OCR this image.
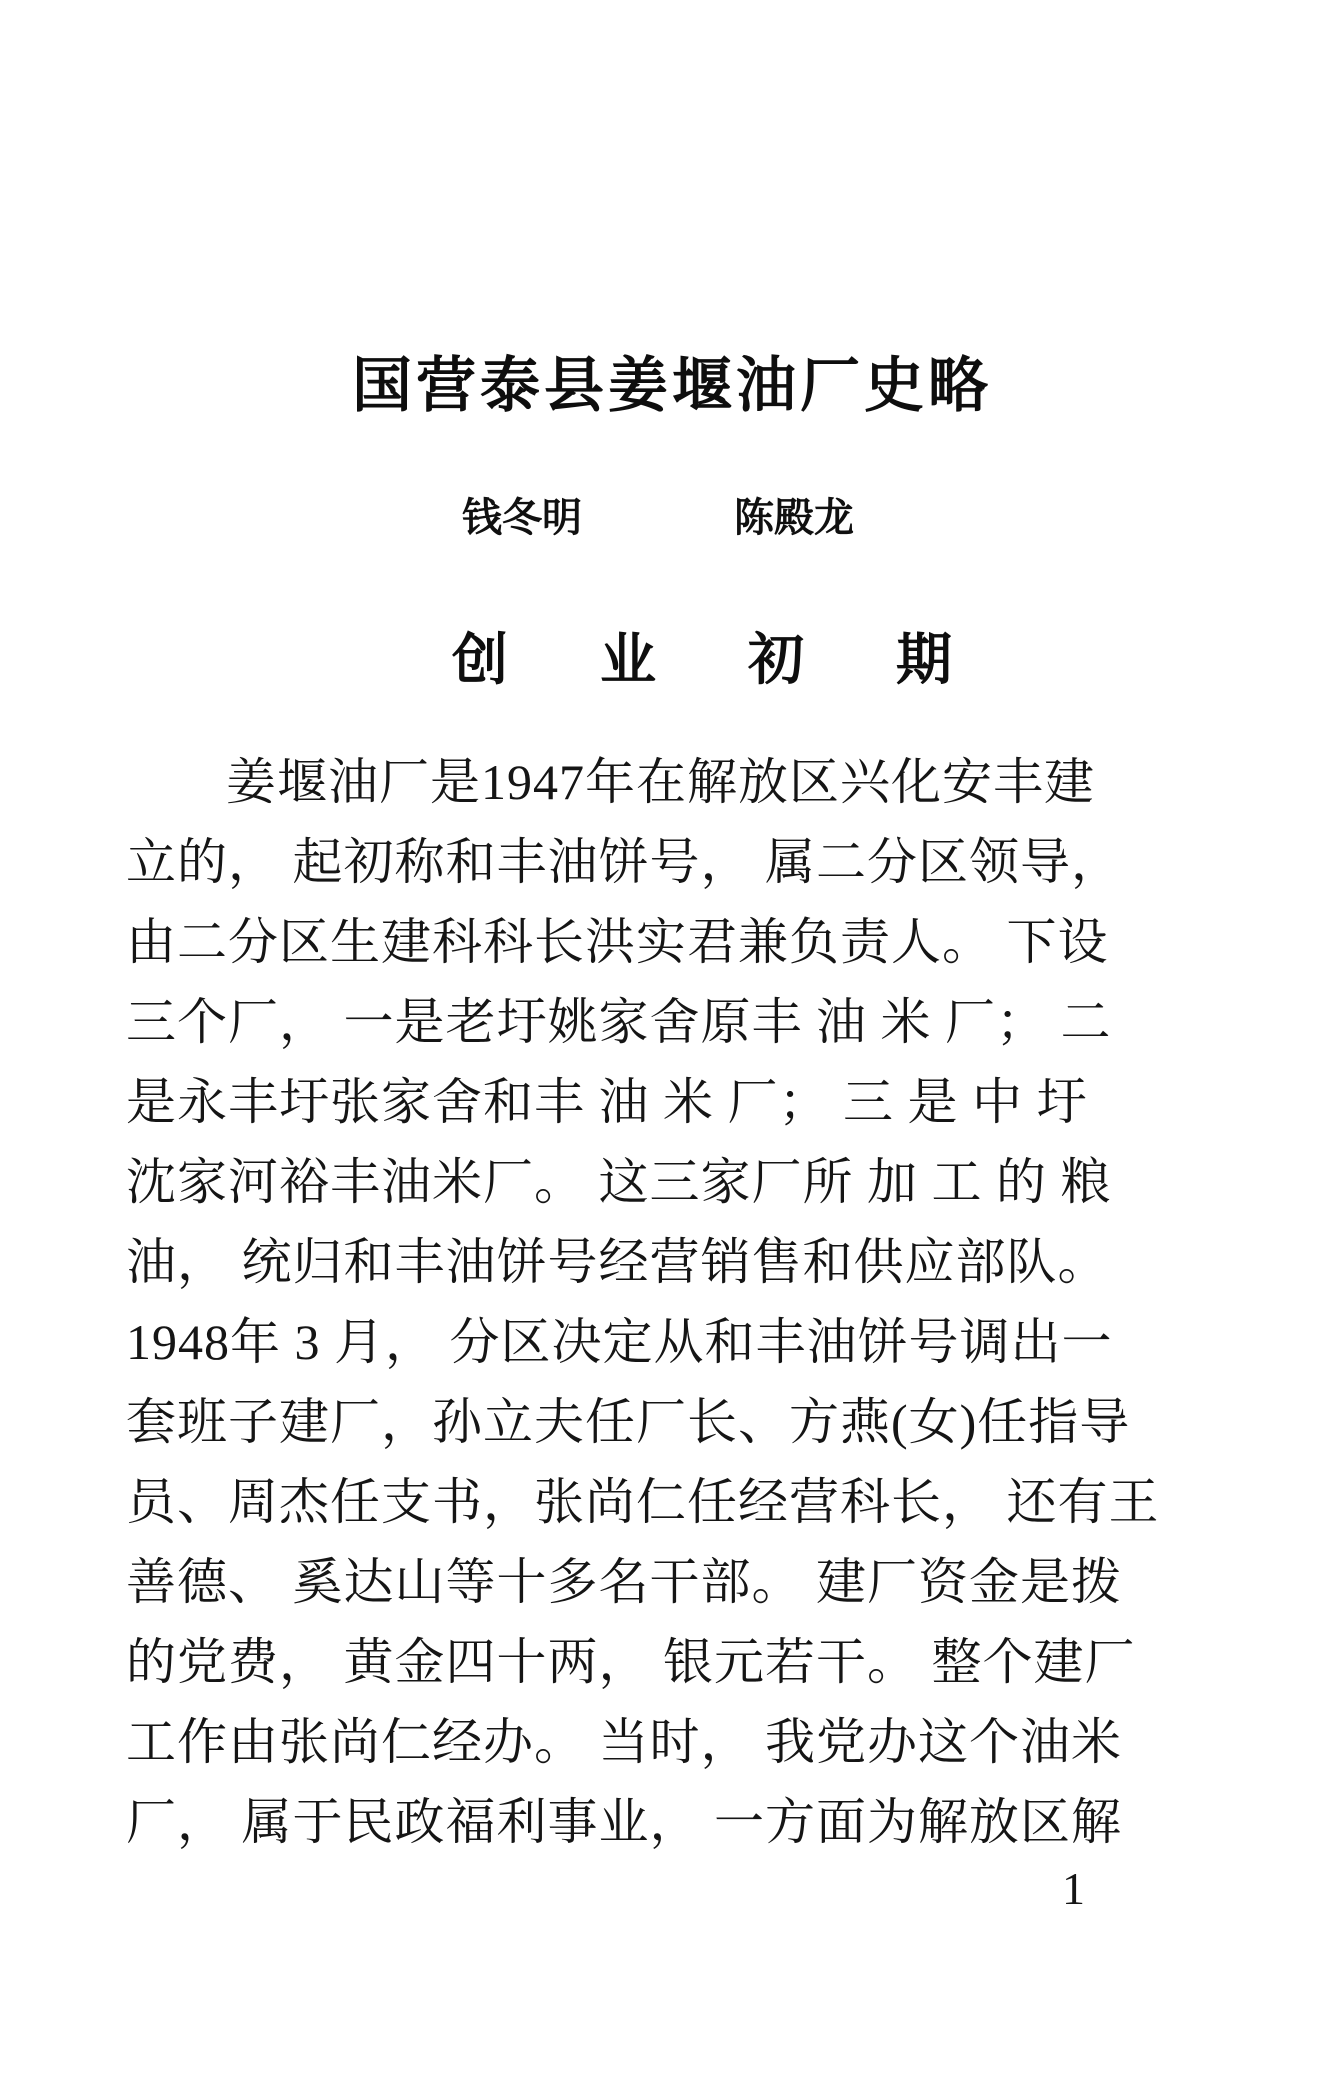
国营泰县姜堰油厂史略
钱冬明	陈殿龙
创 业 初 期
姜堰油厂是1947年在解放区兴化安丰建
立的， 起初称和丰油饼号， 属二分区领导，
由二分区生建科科长洪实君兼负责人。 下设
三个厂， 一是老圩姚家舍原丰 油 米 厂； 二
是永丰圩张家舍和丰 油 米 厂； 三 是 中 圩
沈家河裕丰油米厂。 这三家厂所 加 工 的 粮
油， 统归和丰油饼号经营销售和供应部队。
1948年 3 月， 分区决定从和丰油饼号调出一
套班子建厂，孙立夫任厂长、方燕(女)任指导
员、周杰任支书，张尚仁任经营科长， 还有王
善德、 奚达山等十多名干部。 建厂资金是拨
的党费， 黄金四十两， 银元若干。 整个建厂
工作由张尚仁经办。 当时， 我党办这个油米
厂， 属于民政福利事业， 一方面为解放区解
1
